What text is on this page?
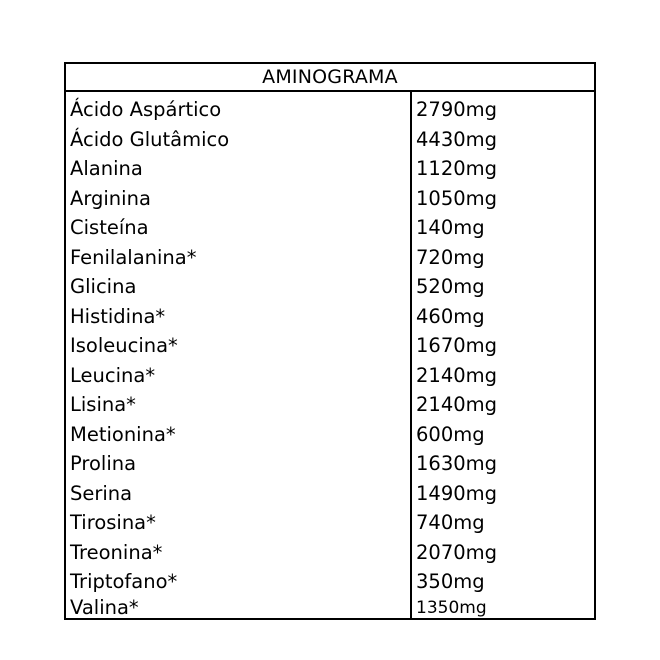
AMINOGRAMA
Ácido Aspártico	2790mg
Ácido Glutâmico	4430mg
Alanina	1120mg
Arginina	1050mg
Cisteína	140mg
Fenilalanina*	720mg
Glicina	520mg
Histidina*	460mg
Isoleucina*	1670mg
Leucina*	2140mg
Lisina*	2140mg
Metionina*	600mg
Prolina	1630mg
Serina	1490mg
Tirosina*	740mg
Treonina*	2070mg
Triptofano*	350mg
Valina*	1350mg
